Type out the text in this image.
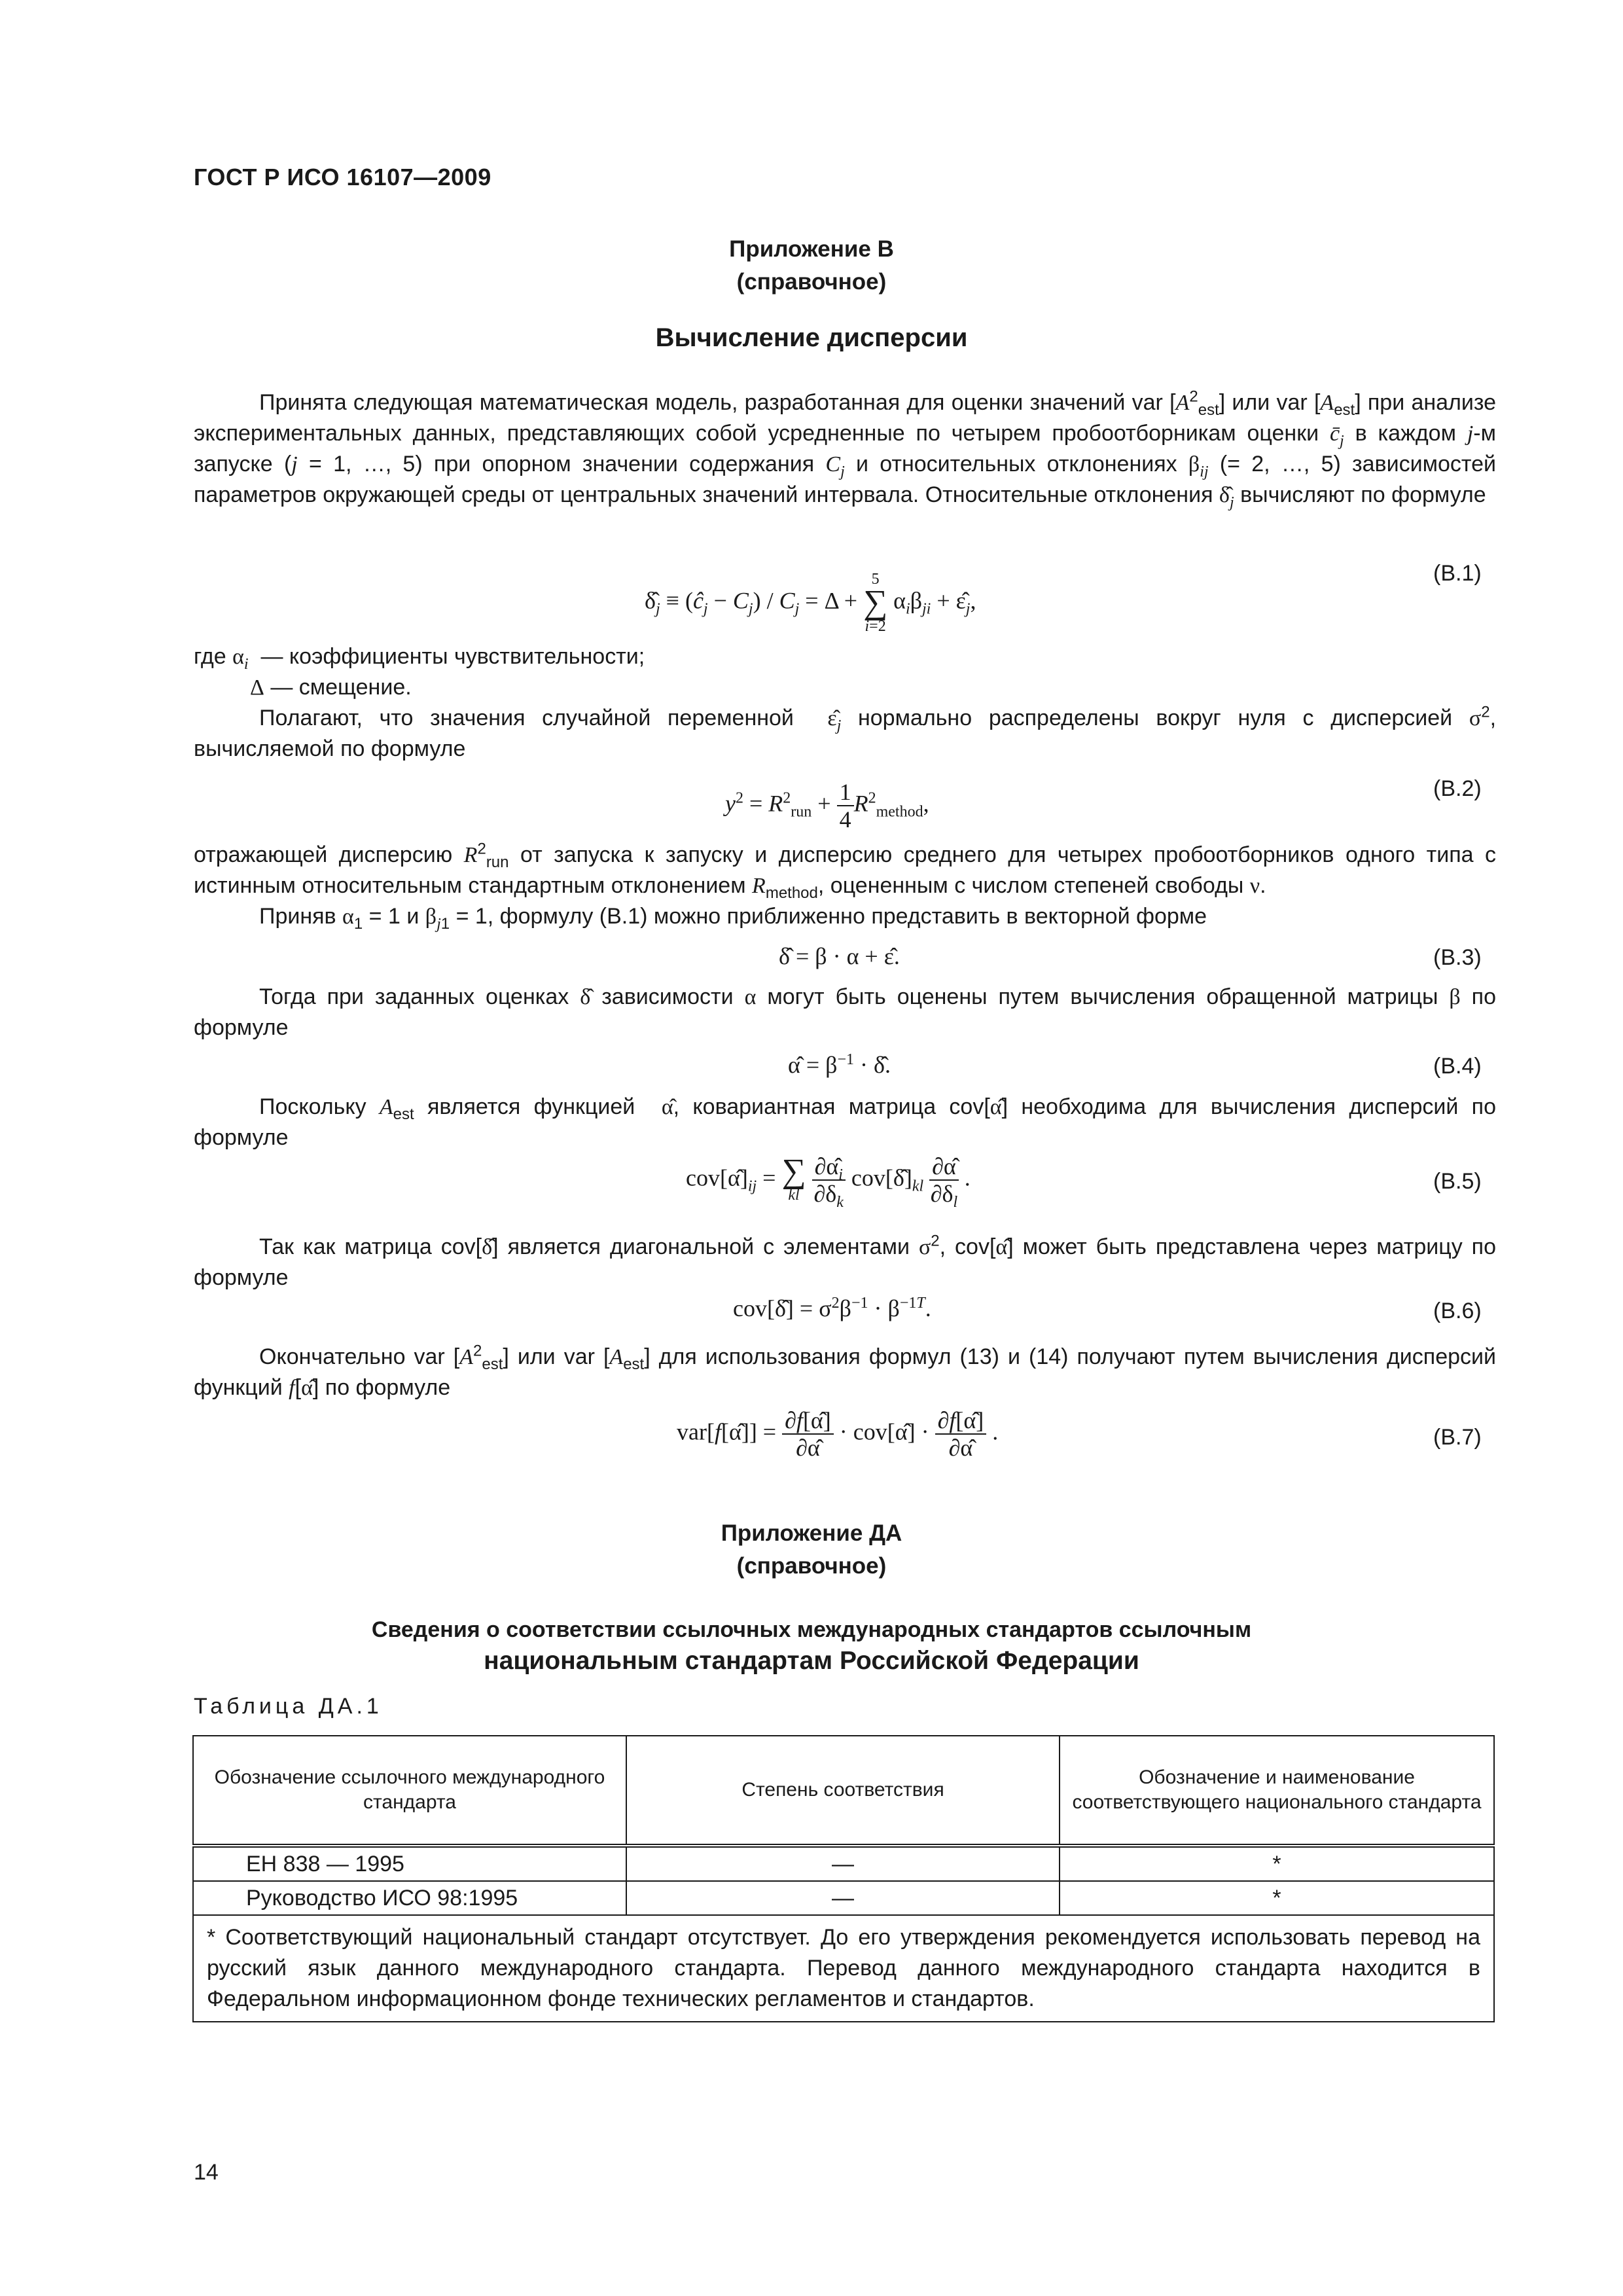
ГОСТ Р ИСО 16107—2009
Приложение В
(справочное)
Вычисление дисперсии

Принята следующая математическая модель, разработанная для оценки значений var $[A^2_{est}]$ или var $[A_{est}]$ при анализе экспериментальных данных, представляющих собой усредненные по четырем пробоотборникам оценки $c̄_j$ в каждом j-м запуске (j = 1, …, 5) при опорном значении содержания $C_j$ и относительных отклонениях $\beta_{ij}$ (= 2, …, 5) зависимостей параметров окружающей среды от центральных значений интервала. Относительные отклонения $\deltâ_j$ вычисляют по формуле

$\deltâ_j$ ≡ $(ĉ_j - C_j) / C_j = \Delta$ +
5
∑
i=2
$\alpha_i\beta_{ji}$ + $\varepsilon̂_j$,
(В.1)

где $\alpha_i$  — коэффициенты чувствительности;

Δ — смещение.

Полагают, что значения случайной переменной  $\varepsilon̂_j$ нормально распределены вокруг нуля с дисперсией $\sigma^2$, вычисляемой по формуле

$y^2 = R^2_{run} + \frac{1}{4} R^2_{method}$,
(В.2)

отражающей дисперсию $R^2_{run}$ от запуска к запуску и дисперсию среднего для четырех пробоотборников одного типа с истинным относительным стандартным отклонением $R_{method}$, оцененным с числом степеней свободы ν.

Приняв $\alpha_1 = 1$ и $\beta_{j1} = 1$, формулу (В.1) можно приближенно представить в векторной форме

δ̂ = β · α + ε̂.	(В.3)

Тогда при заданных оценках δ̂ зависимости α могут быть оценены путем вычисления обращенной матрицы β по формуле

α̂ = $\beta^{-1}$ · δ̂.	(В.4)

Поскольку $A_{est}$ является функцией  α̂, ковариантная матрица cov[α̂] необходима для вычисления дисперсий по формуле

$cov[\alphâ]_{ij}$ = ∑
kl
$\frac{\partial\alphâ_i}{\partial\delta_k}$ $cov[\deltâ]_{kl} \frac{\partial\alphâ}{\partial\delta_l}$ .	(В.5)

Так как матрица cov[δ̂] является диагональной с элементами $\sigma^2$, cov[α̂] может быть представлена через матрицу по формуле

cov[δ̂] = $\sigma^2\beta^{-1} \cdot \beta^{-1T}$.	(В.6)

Окончательно var $[A^2_{est}]$ или var $[A_{est}]$ для использования формул (13) и (14) получают путем вычисления дисперсий функций f[α̂] по формуле

var[f[α̂]] = $\frac{\partial f[\alphâ]}{\partial\alphâ}$ · cov[α̂] · $\frac{\partial f[\alphâ]}{\partial\alphâ}$ .	(В.7)
Приложение ДА
(справочное)
Сведения о соответствии ссылочных международных стандартов ссылочным
национальным стандартам Российской Федерации
Таблица ДА.1
Обозначение ссылочного международного стандарта	Степень соответствия	Обозначение и наименование соответствующего национального стандарта
ЕН 838 — 1995	—	*
Руководство ИСО 98:1995	—	*
* Соответствующий национальный стандарт отсутствует. До его утверждения рекомендуется использовать перевод на русский язык данного международного стандарта. Перевод данного международного стандарта находится в Федеральном информационном фонде технических регламентов и стандартов.		
14
